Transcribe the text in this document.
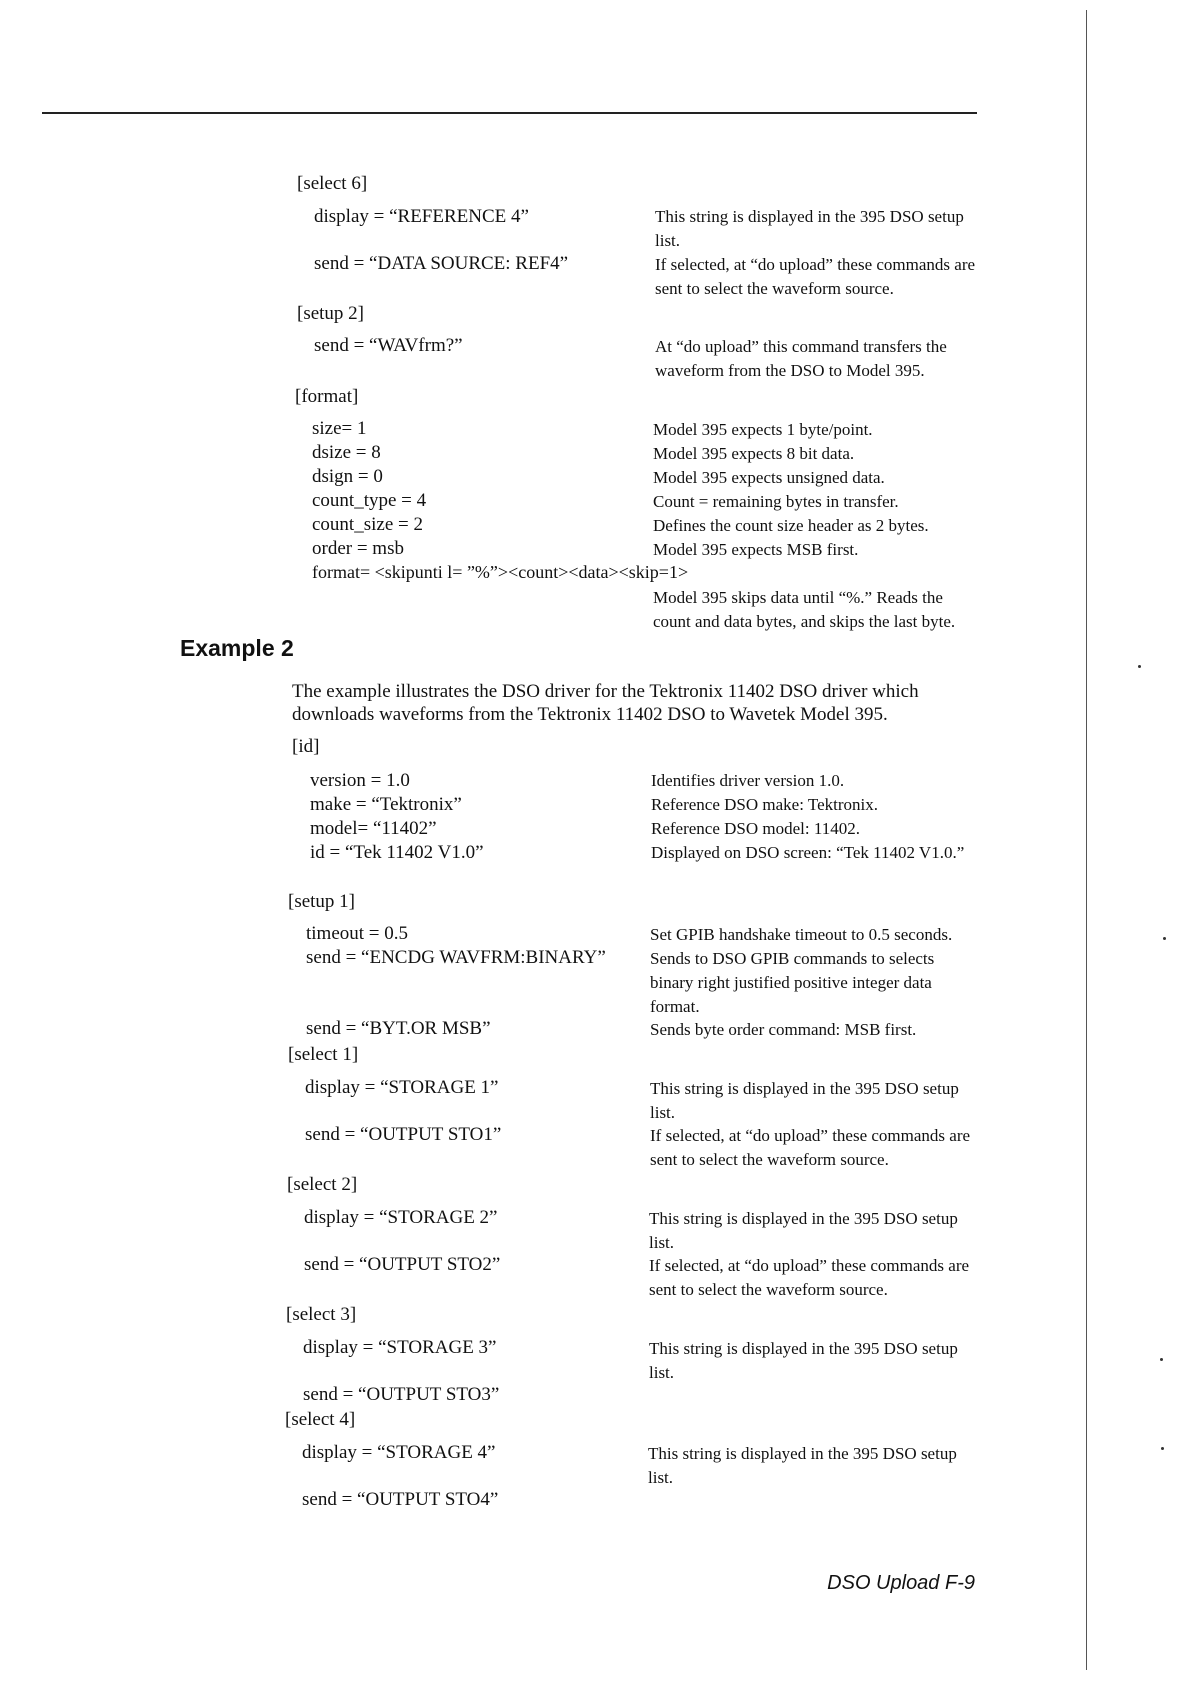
[select 6]
display = “REFERENCE 4”	This string is displayed in the 395 DSO setup list.
send = “DATA SOURCE: REF4”	If selected, at “do upload” these commands are sent to select the waveform source.
[setup 2]
send = “WAVfrm?”	At “do upload” this command transfers the waveform from the DSO to Model 395.
[format]
size= 1	Model 395 expects 1 byte/point.
dsize = 8	Model 395 expects 8 bit data.
dsign = 0	Model 395 expects unsigned data.
count_type = 4	Count = remaining bytes in transfer.
count_size = 2	Defines the count size header as 2 bytes.
order = msb	Model 395 expects MSB first.
format= <skipunti l= ”%”><count><data><skip=1>
Model 395 skips data until “%.” Reads the count and data bytes, and skips the last byte.
Example 2
The example illustrates the DSO driver for the Tektronix 11402 DSO driver which downloads waveforms from the Tektronix 11402 DSO to Wavetek Model 395.
[id]
version = 1.0	Identifies driver version 1.0.
make = “Tektronix”	Reference DSO make: Tektronix.
model= “11402”	Reference DSO model: 11402.
id = “Tek 11402 V1.0”	Displayed on DSO screen: “Tek 11402 V1.0.”
[setup 1]
timeout = 0.5	Set GPIB handshake timeout to 0.5 seconds.
send = “ENCDG WAVFRM:BINARY”	Sends to DSO GPIB commands to selects binary right justified positive integer data format.
send = “BYT.OR MSB”	Sends byte order command: MSB first.
[select 1]
display = “STORAGE 1”	This string is displayed in the 395 DSO setup list.
send = “OUTPUT STO1”	If selected, at “do upload” these commands are sent to select the waveform source.
[select 2]
display = “STORAGE 2”	This string is displayed in the 395 DSO setup list.
send = “OUTPUT STO2”	If selected, at “do upload” these commands are sent to select the waveform source.
[select 3]
display = “STORAGE 3”	This string is displayed in the 395 DSO setup list.
send = “OUTPUT STO3”
[select 4]
display = “STORAGE 4”	This string is displayed in the 395 DSO setup list.
send = “OUTPUT STO4”
DSO Upload F-9
